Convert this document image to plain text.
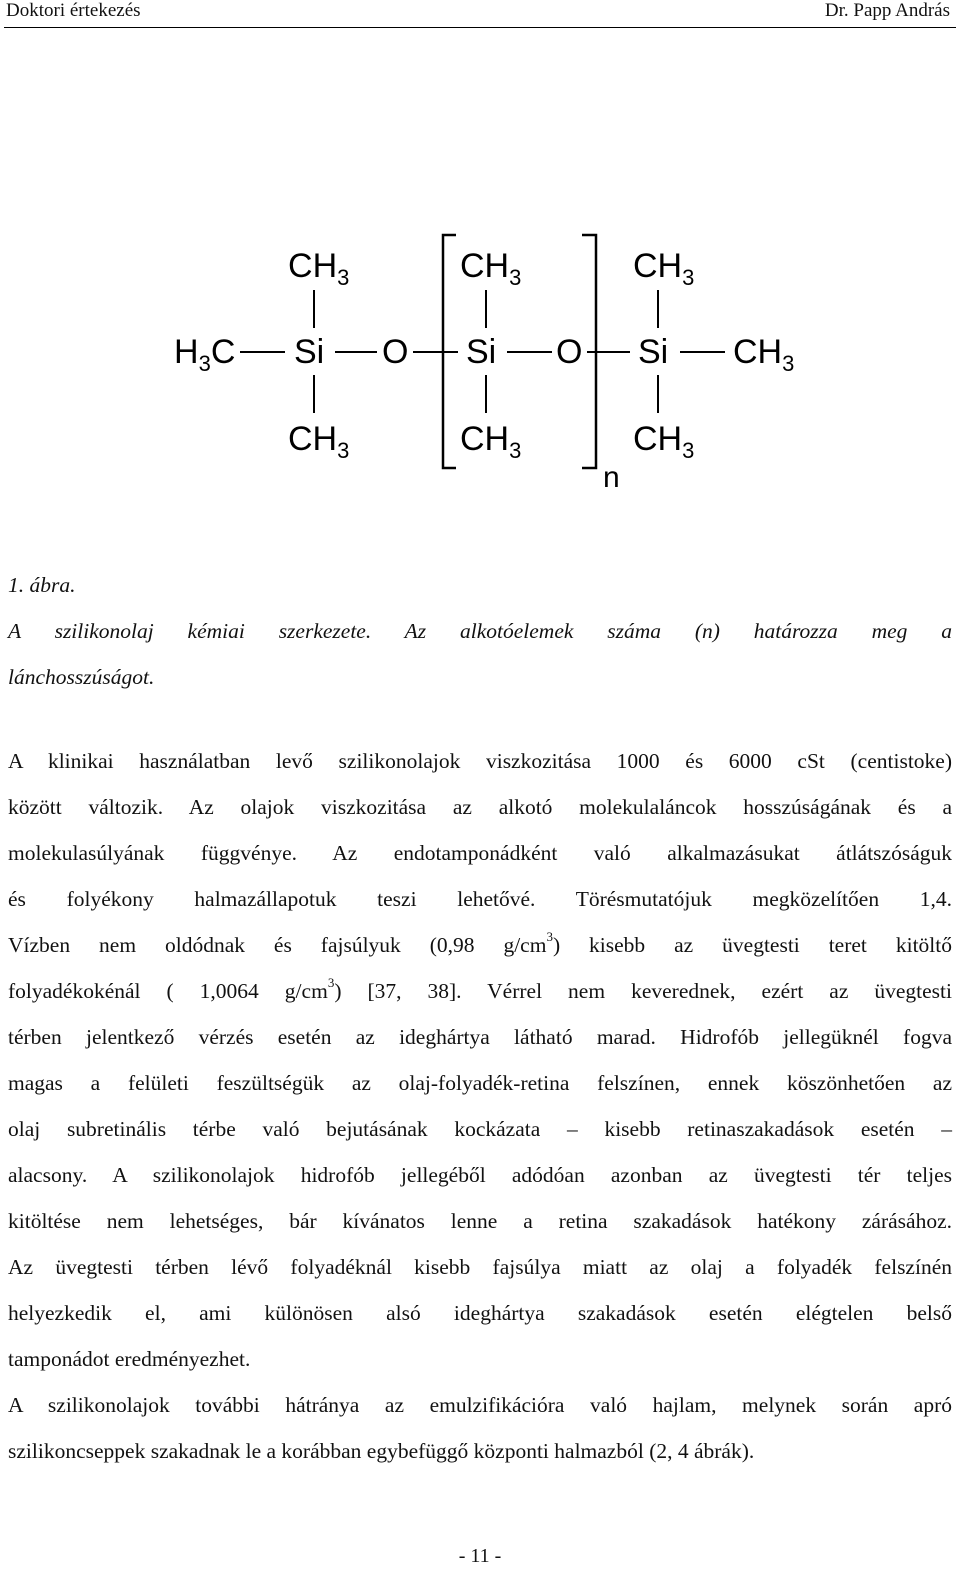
Doktori értekezés	Dr. Papp András
$CH_3$	$CH_3$	$CH_3$
$H_3C$ Si O Si O Si $CH_3$
$CH_3$	$CH_3$	$CH_3$
n
1. ábra.
A szilikonolaj kémiai szerkezete. Az alkotóelemek száma (n) határozza meg a
lánchosszúságot.
A klinikai használatban levő szilikonolajok viszkozitása 1000 és 6000 cSt (centistoke)
között változik. Az olajok viszkozitása az alkotó molekulaláncok hosszúságának és a
molekulasúlyának függvénye. Az endotamponádként való alkalmazásukat átlátszóságuk
és folyékony halmazállapotuk teszi lehetővé. Törésmutatójuk megközelítően 1,4.
Vízben nem oldódnak és fajsúlyuk (0,98 $g/cm^3$) kisebb az üvegtesti teret kitöltő
folyadékokénál ( 1,0064 $g/cm^3$) [37, 38]. Vérrel nem keverednek, ezért az üvegtesti
térben jelentkező vérzés esetén az ideghártya látható marad. Hidrofób jellegüknél fogva
magas a felületi feszültségük az olaj-folyadék-retina felszínen, ennek köszönhetően az
olaj subretinális térbe való bejutásának kockázata – kisebb retinaszakadások esetén –
alacsony. A szilikonolajok hidrofób jellegéből adódóan azonban az üvegtesti tér teljes
kitöltése nem lehetséges, bár kívánatos lenne a retina szakadások hatékony zárásához.
Az üvegtesti térben lévő folyadéknál kisebb fajsúlya miatt az olaj a folyadék felszínén
helyezkedik el, ami különösen alsó ideghártya szakadások esetén elégtelen belső
tamponádot eredményezhet.
A szilikonolajok további hátránya az emulzifikációra való hajlam, melynek során apró
szilikoncseppek szakadnak le a korábban egybefüggő központi halmazból (2, 4 ábrák).
- 11 -
